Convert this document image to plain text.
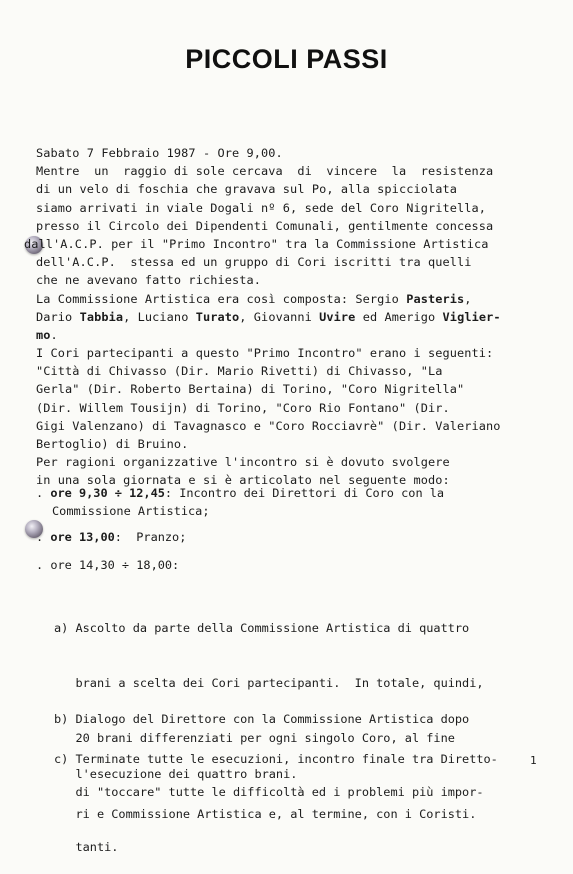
PICCOLI PASSI
Sabato 7 Febbraio 1987 - Ore 9,00.
Mentre  un  raggio di sole cercava  di  vincere  la  resistenza
di un velo di foschia che gravava sul Po, alla spicciolata
siamo arrivati in viale Dogali nº 6, sede del Coro Nigritella,
presso il Circolo dei Dipendenti Comunali, gentilmente concessa
dall'A.C.P. per il "Primo Incontro" tra la Commissione Artistica
dell'A.C.P.  stessa ed un gruppo di Cori iscritti tra quelli
che ne avevano fatto richiesta.
La Commissione Artistica era così composta: Sergio Pasteris,
Dario Tabbia, Luciano Turato, Giovanni Uvire ed Amerigo Viglier-
mo.
I Cori partecipanti a questo "Primo Incontro" erano i seguenti:
"Città di Chivasso (Dir. Mario Rivetti) di Chivasso, "La
Gerla" (Dir. Roberto Bertaina) di Torino, "Coro Nigritella"
(Dir. Willem Tousijn) di Torino, "Coro Rio Fontano" (Dir.
Gigi Valenzano) di Tavagnasco e "Coro Rocciavrè" (Dir. Valeriano
Bertoglio) di Bruino.
Per ragioni organizzative l'incontro si è dovuto svolgere
in una sola giornata e si è articolato nel seguente modo:
. ore 9,30 ÷ 12,45: Incontro dei Direttori di Coro con la
Commissione Artistica;
. ore 13,00:  Pranzo;
. ore 14,30 ÷ 18,00:

a) Ascolto da parte della Commissione Artistica di quattro

brani a scelta dei Cori partecipanti.  In totale, quindi,

20 brani differenziati per ogni singolo Coro, al fine

di "toccare" tutte le difficoltà ed i problemi più impor-

tanti.

b) Dialogo del Direttore con la Commissione Artistica dopo

l'esecuzione dei quattro brani.

c) Terminate tutte le esecuzioni, incontro finale tra Diretto-

ri e Commissione Artistica e, al termine, con i Coristi.

1
